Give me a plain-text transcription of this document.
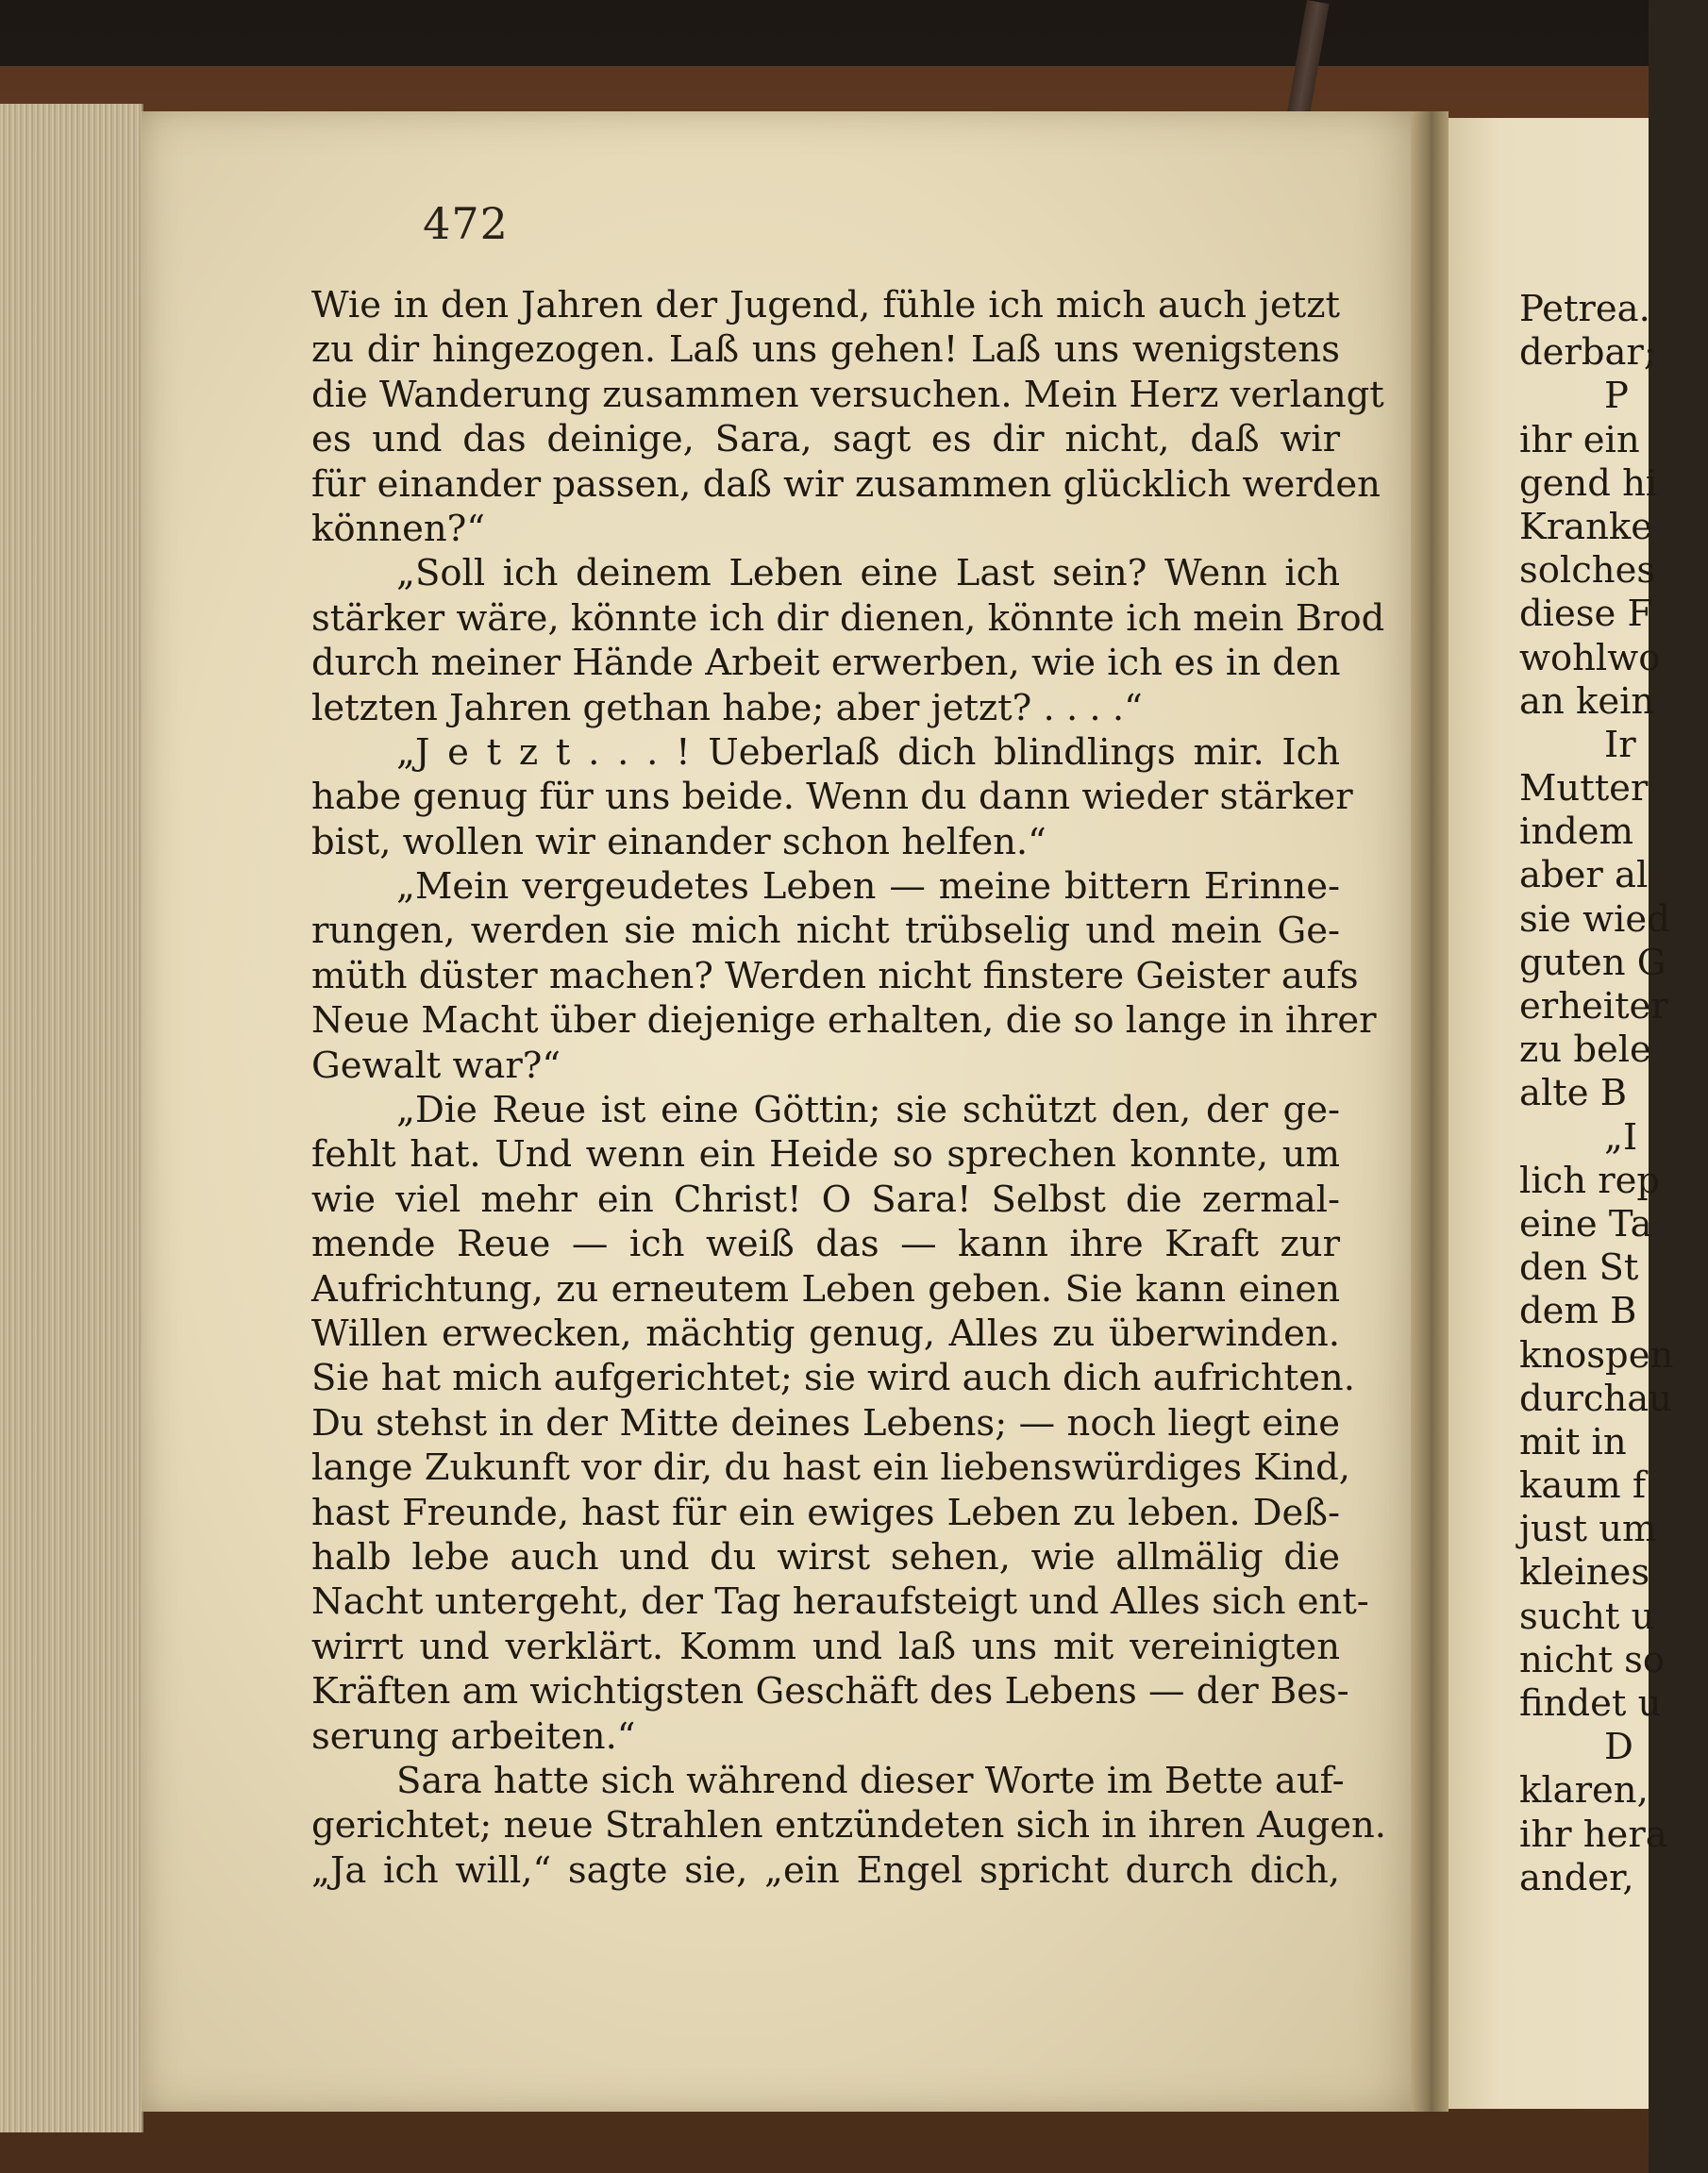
472
Wie in den Jahren der Jugend, fühle ich mich auch jetzt
zu dir hingezogen. Laß uns gehen! Laß uns wenigstens
die Wanderung zusammen versuchen. Mein Herz verlangt
es und das deinige, Sara, sagt es dir nicht, daß wir
für einander passen, daß wir zusammen glücklich werden
können?“
„Soll ich deinem Leben eine Last sein? Wenn ich
stärker wäre, könnte ich dir dienen, könnte ich mein Brod
durch meiner Hände Arbeit erwerben, wie ich es in den
letzten Jahren gethan habe; aber jetzt? . . . .“
„J e t z t . . . ! Ueberlaß dich blindlings mir. Ich
habe genug für uns beide. Wenn du dann wieder stärker
bist, wollen wir einander schon helfen.“
„Mein vergeudetes Leben — meine bittern Erinne-
rungen, werden sie mich nicht trübselig und mein Ge-
müth düster machen? Werden nicht finstere Geister aufs
Neue Macht über diejenige erhalten, die so lange in ihrer
Gewalt war?“
„Die Reue ist eine Göttin; sie schützt den, der ge-
fehlt hat. Und wenn ein Heide so sprechen konnte, um
wie viel mehr ein Christ! O Sara! Selbst die zermal-
mende Reue — ich weiß das — kann ihre Kraft zur
Aufrichtung, zu erneutem Leben geben. Sie kann einen
Willen erwecken, mächtig genug, Alles zu überwinden.
Sie hat mich aufgerichtet; sie wird auch dich aufrichten.
Du stehst in der Mitte deines Lebens; — noch liegt eine
lange Zukunft vor dir, du hast ein liebenswürdiges Kind,
hast Freunde, hast für ein ewiges Leben zu leben. Deß-
halb lebe auch und du wirst sehen, wie allmälig die
Nacht untergeht, der Tag heraufsteigt und Alles sich ent-
wirrt und verklärt. Komm und laß uns mit vereinigten
Kräften am wichtigsten Geschäft des Lebens — der Bes-
serung arbeiten.“
Sara hatte sich während dieser Worte im Bette auf-
gerichtet; neue Strahlen entzündeten sich in ihren Augen.
„Ja ich will,“ sagte sie, „ein Engel spricht durch dich,
Petrea.
derbar;
P
ihr ein
gend hi
Kranke
solches
diese F
wohlwo
an kein
Ir
Mutter
indem
aber al
sie wied
guten G
erheiter
zu bele
alte B
„I
lich rep
eine Ta
den St
dem B
knospen
durchau
mit in
kaum f
just um
kleines
sucht u
nicht so
findet u
D
klaren,
ihr hera
ander,
